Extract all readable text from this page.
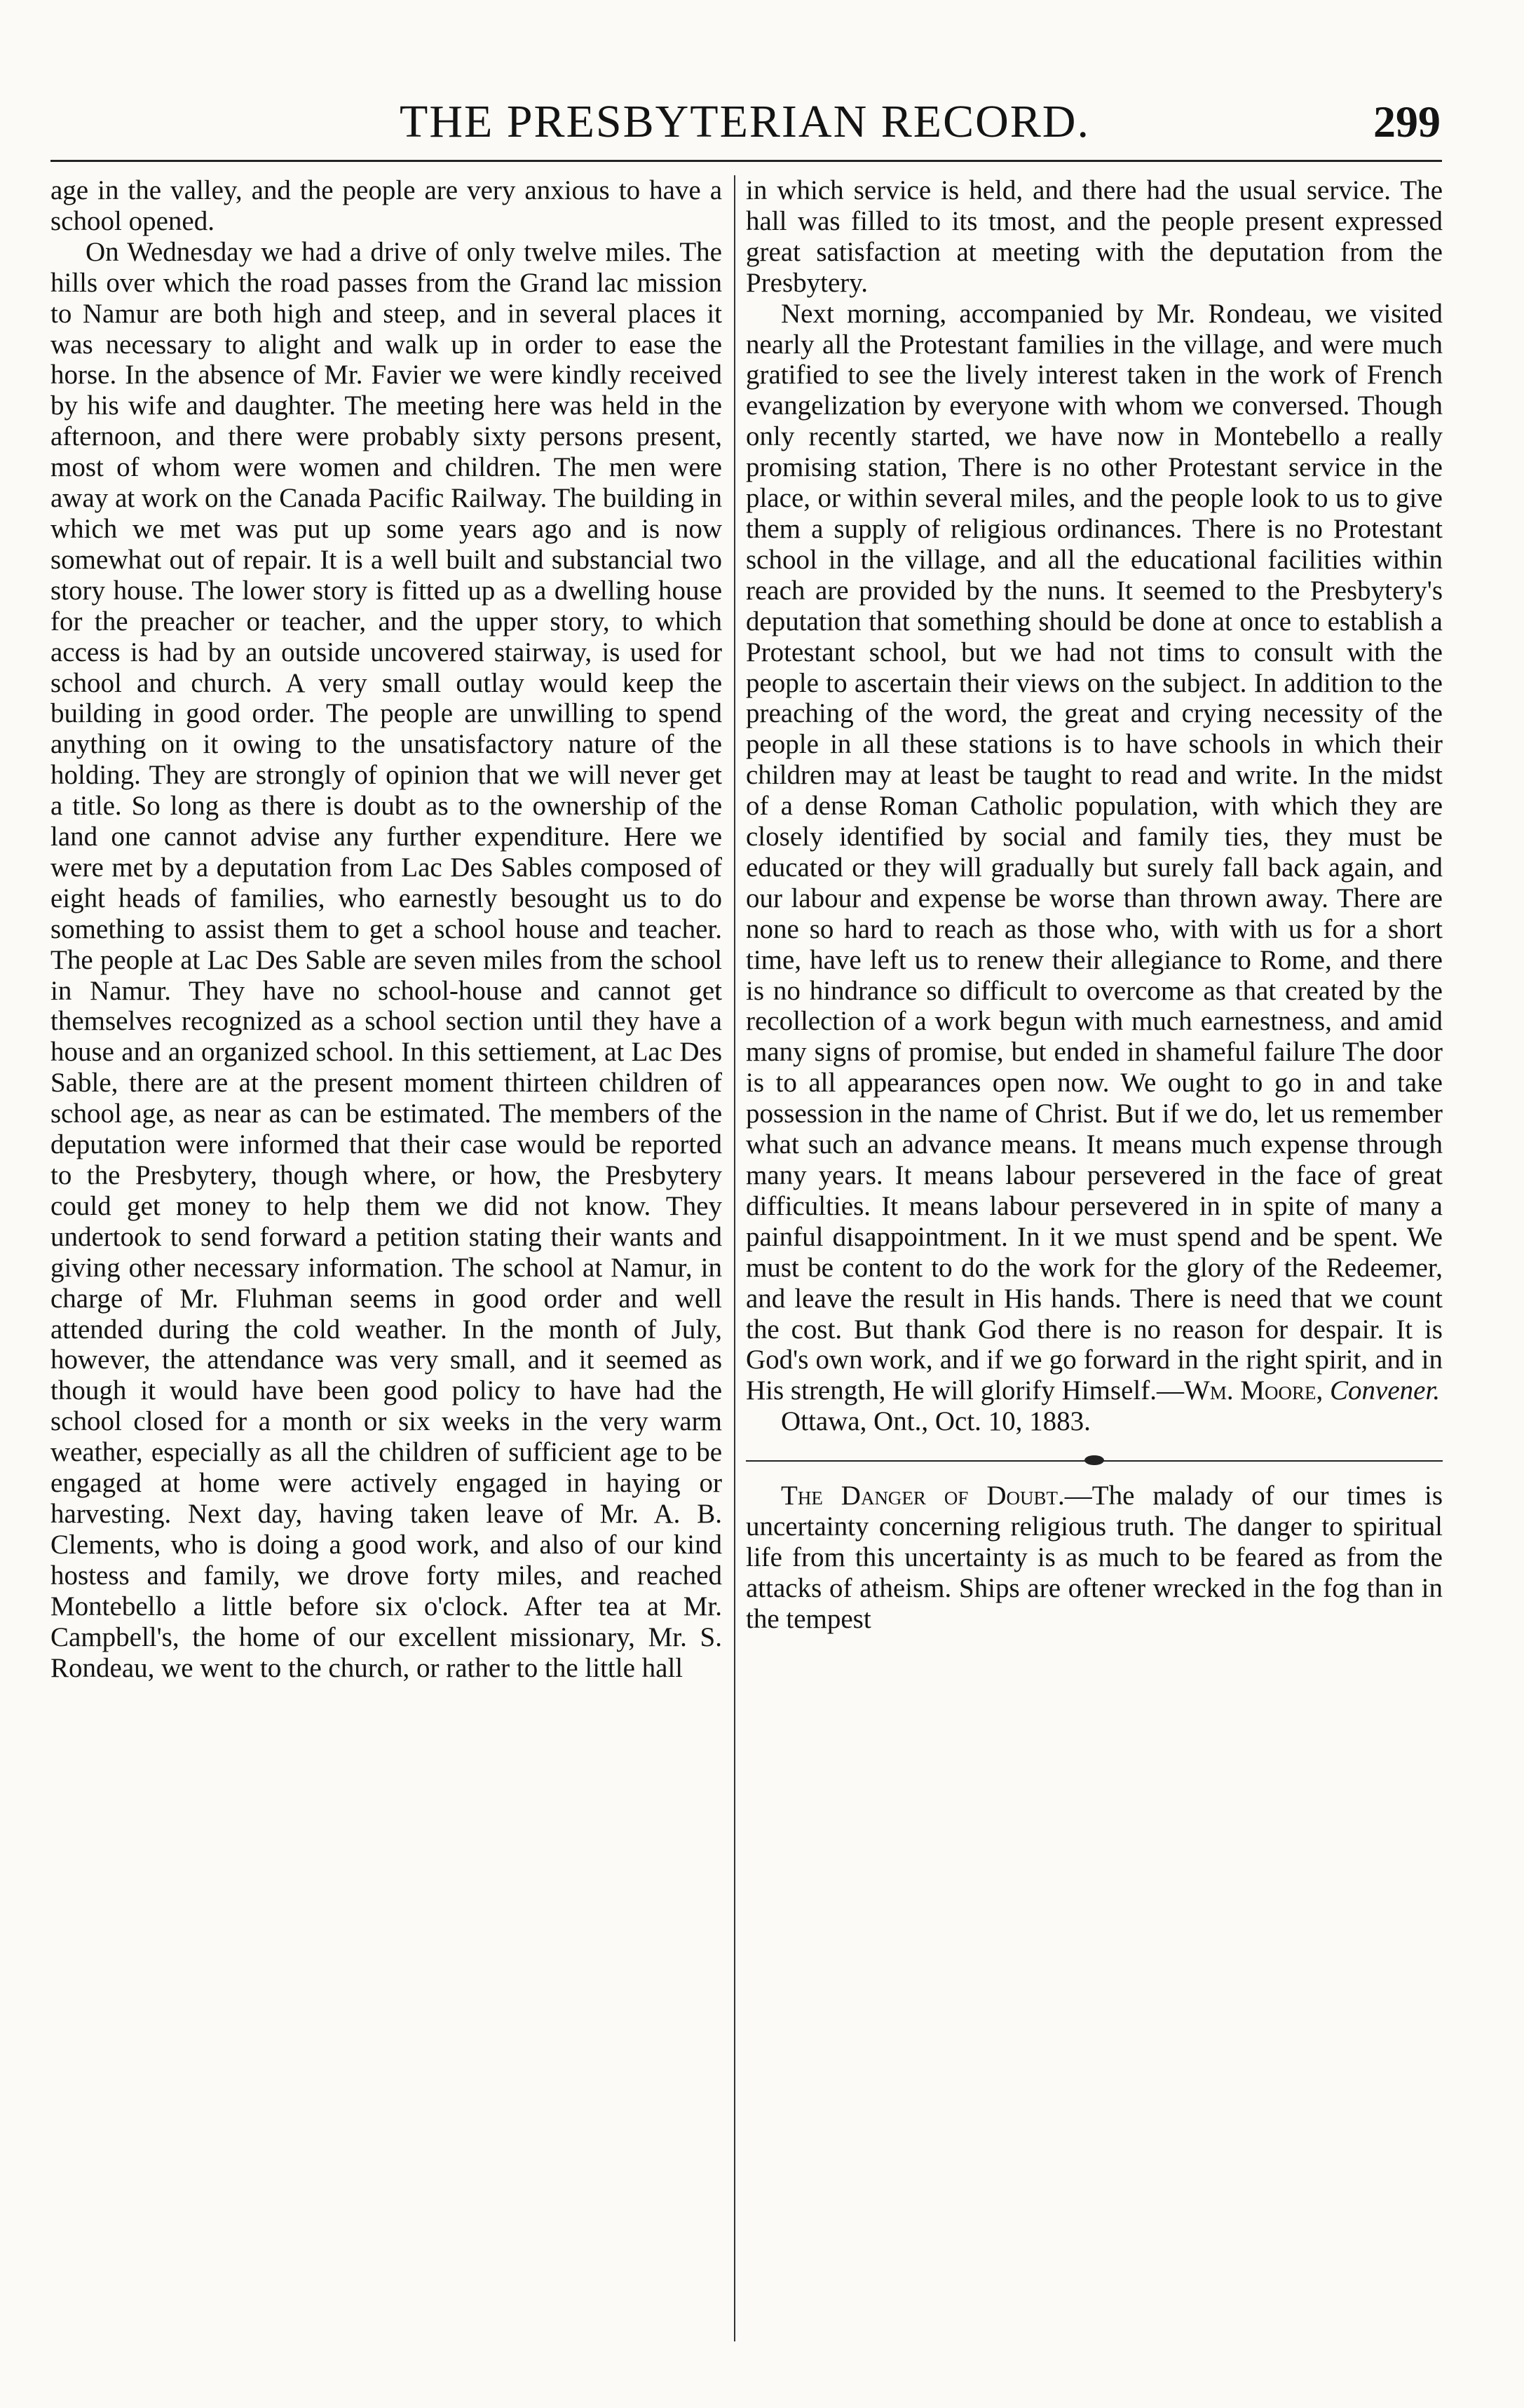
THE PRESBYTERIAN RECORD.	299

age in the valley, and the people are very anxious to have a school opened.

On Wednesday we had a drive of only twelve miles. The hills over which the road passes from the Grand lac mission to Namur are both high and steep, and in several places it was necessary to alight and walk up in order to ease the horse. In the absence of Mr. Favier we were kindly received by his wife and daughter. The meeting here was held in the afternoon, and there were probably sixty persons present, most of whom were women and children. The men were away at work on the Canada Pacific Railway. The building in which we met was put up some years ago and is now somewhat out of repair. It is a well built and substancial two story house. The lower story is fitted up as a dwelling house for the preacher or teacher, and the upper story, to which access is had by an outside uncovered stairway, is used for school and church. A very small outlay would keep the building in good order. The people are unwilling to spend anything on it owing to the unsatisfactory nature of the holding. They are strongly of opinion that we will never get a title. So long as there is doubt as to the ownership of the land one cannot advise any further expenditure. Here we were met by a deputation from Lac Des Sables composed of eight heads of families, who earnestly besought us to do something to assist them to get a school house and teacher. The people at Lac Des Sable are seven miles from the school in Namur. They have no school-house and cannot get themselves recognized as a school section until they have a house and an organized school. In this settiement, at Lac Des Sable, there are at the present moment thirteen children of school age, as near as can be estimated. The members of the deputation were informed that their case would be reported to the Presbytery, though where, or how, the Presbytery could get money to help them we did not know. They undertook to send forward a petition stating their wants and giving other necessary information. The school at Namur, in charge of Mr. Fluhman seems in good order and well attended during the cold weather. In the month of July, however, the attendance was very small, and it seemed as though it would have been good policy to have had the school closed for a month or six weeks in the very warm weather, especially as all the children of sufficient age to be engaged at home were actively engaged in haying or harvesting. Next day, having taken leave of Mr. A. B. Clements, who is doing a good work, and also of our kind hostess and family, we drove forty miles, and reached Montebello a little before six o'clock. After tea at Mr. Campbell's, the home of our excellent missionary, Mr. S. Rondeau, we went to the church, or rather to the little hall

in which service is held, and there had the usual service. The hall was filled to its tmost, and the people present expressed great satisfaction at meeting with the deputation from the Presbytery.

Next morning, accompanied by Mr. Rondeau, we visited nearly all the Protestant families in the village, and were much gratified to see the lively interest taken in the work of French evangelization by everyone with whom we conversed. Though only recently started, we have now in Montebello a really promising station, There is no other Protestant service in the place, or within several miles, and the people look to us to give them a supply of religious ordinances. There is no Protestant school in the village, and all the educational facilities within reach are provided by the nuns. It seemed to the Presbytery's deputation that something should be done at once to establish a Protestant school, but we had not tims to consult with the people to ascertain their views on the subject. In addition to the preaching of the word, the great and crying necessity of the people in all these stations is to have schools in which their children may at least be taught to read and write. In the midst of a dense Roman Catholic population, with which they are closely identified by social and family ties, they must be educated or they will gradually but surely fall back again, and our labour and expense be worse than thrown away. There are none so hard to reach as those who, with with us for a short time, have left us to renew their allegiance to Rome, and there is no hindrance so difficult to overcome as that created by the recollection of a work begun with much earnestness, and amid many signs of promise, but ended in shameful failure The door is to all appearances open now. We ought to go in and take possession in the name of Christ. But if we do, let us remember what such an advance means. It means much expense through many years. It means labour persevered in the face of great difficulties. It means labour persevered in in spite of many a painful disappointment. In it we must spend and be spent. We must be content to do the work for the glory of the Redeemer, and leave the result in His hands. There is need that we count the cost. But thank God there is no reason for despair. It is God's own work, and if we go forward in the right spirit, and in His strength, He will glorify Himself.—Wm. Moore, Convener.

Ottawa, Ont., Oct. 10, 1883.

The Danger of Doubt.—The malady of our times is uncertainty concerning religious truth. The danger to spiritual life from this uncertainty is as much to be feared as from the attacks of atheism. Ships are oftener wrecked in the fog than in the tempest
